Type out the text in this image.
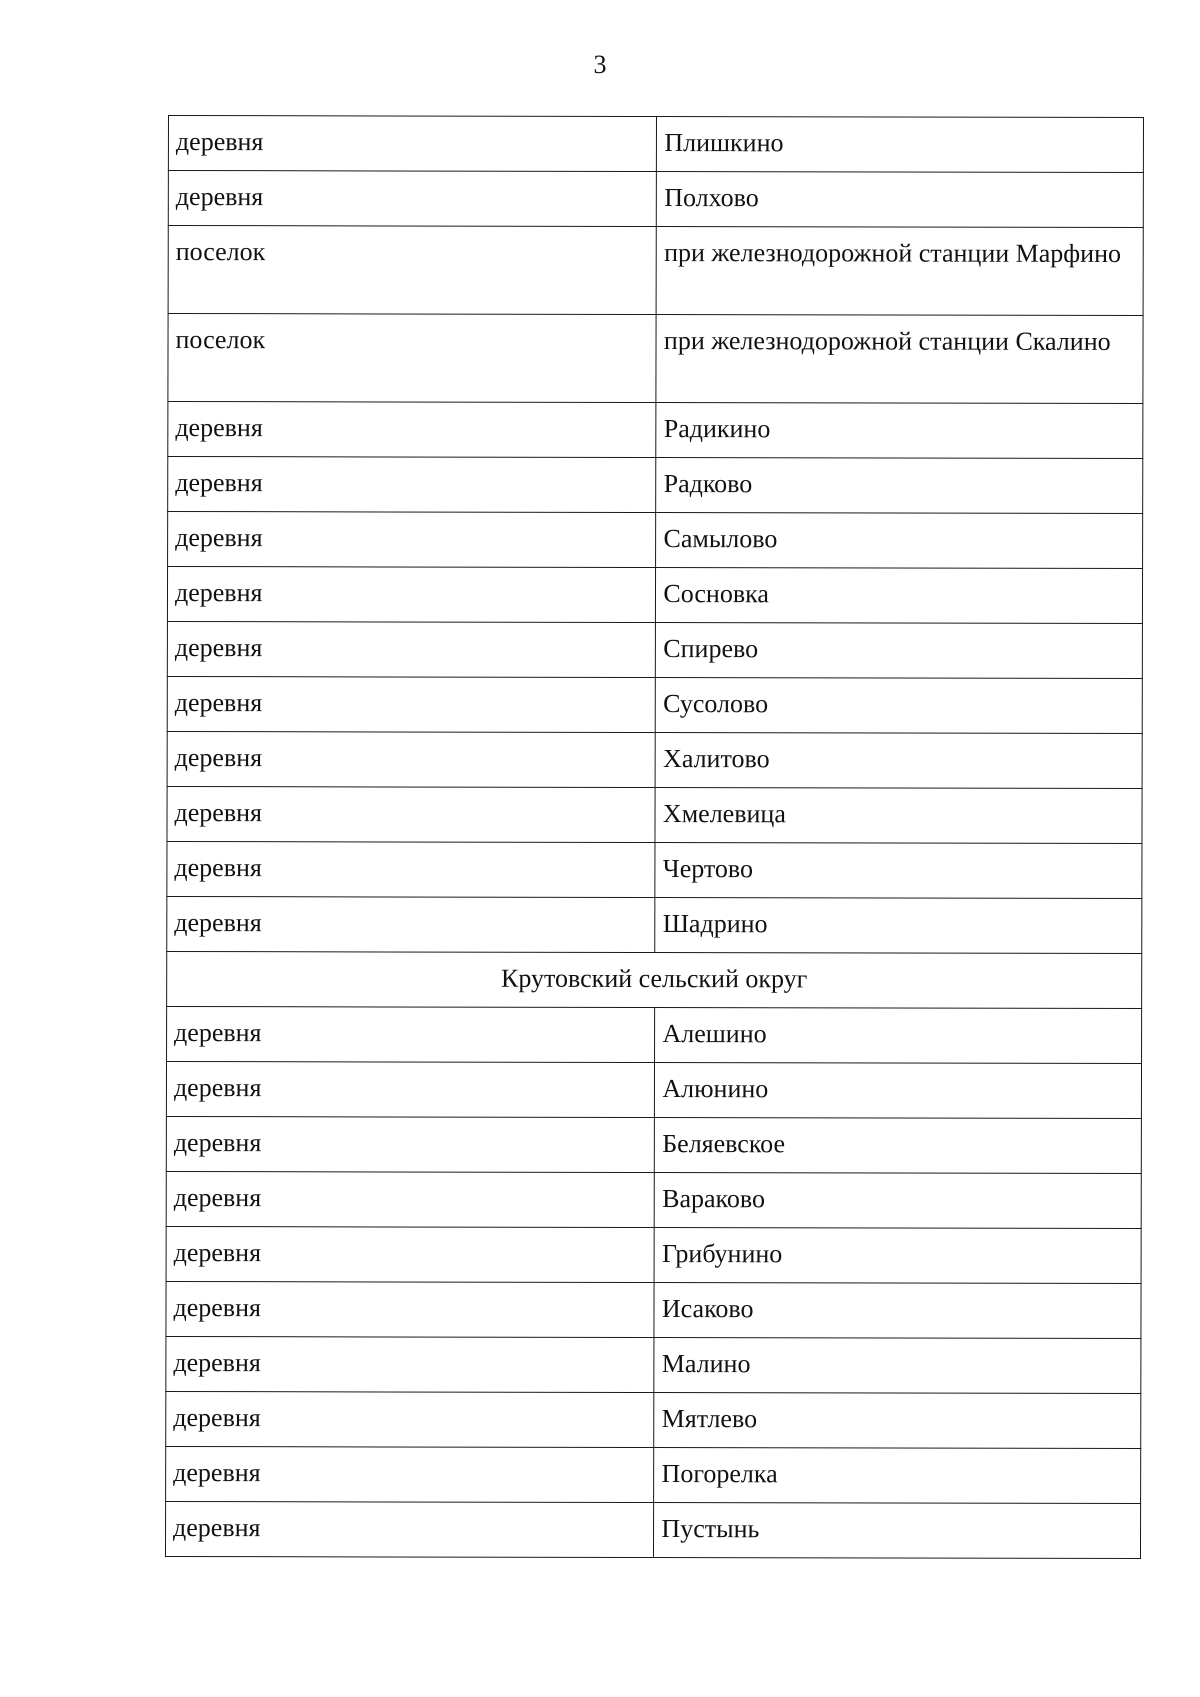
3
деревня	Плишкино
деревня	Полхово
поселок	при железнодорожной станции Марфино
поселок	при железнодорожной станции Скалино
деревня	Радикино
деревня	Радково
деревня	Самылово
деревня	Сосновка
деревня	Спирево
деревня	Сусолово
деревня	Халитово
деревня	Хмелевица
деревня	Чертово
деревня	Шадрино
Крутовский сельский округ	
деревня	Алешино
деревня	Алюнино
деревня	Беляевское
деревня	Вараково
деревня	Грибунино
деревня	Исаково
деревня	Малино
деревня	Мятлево
деревня	Погорелка
деревня	Пустынь
